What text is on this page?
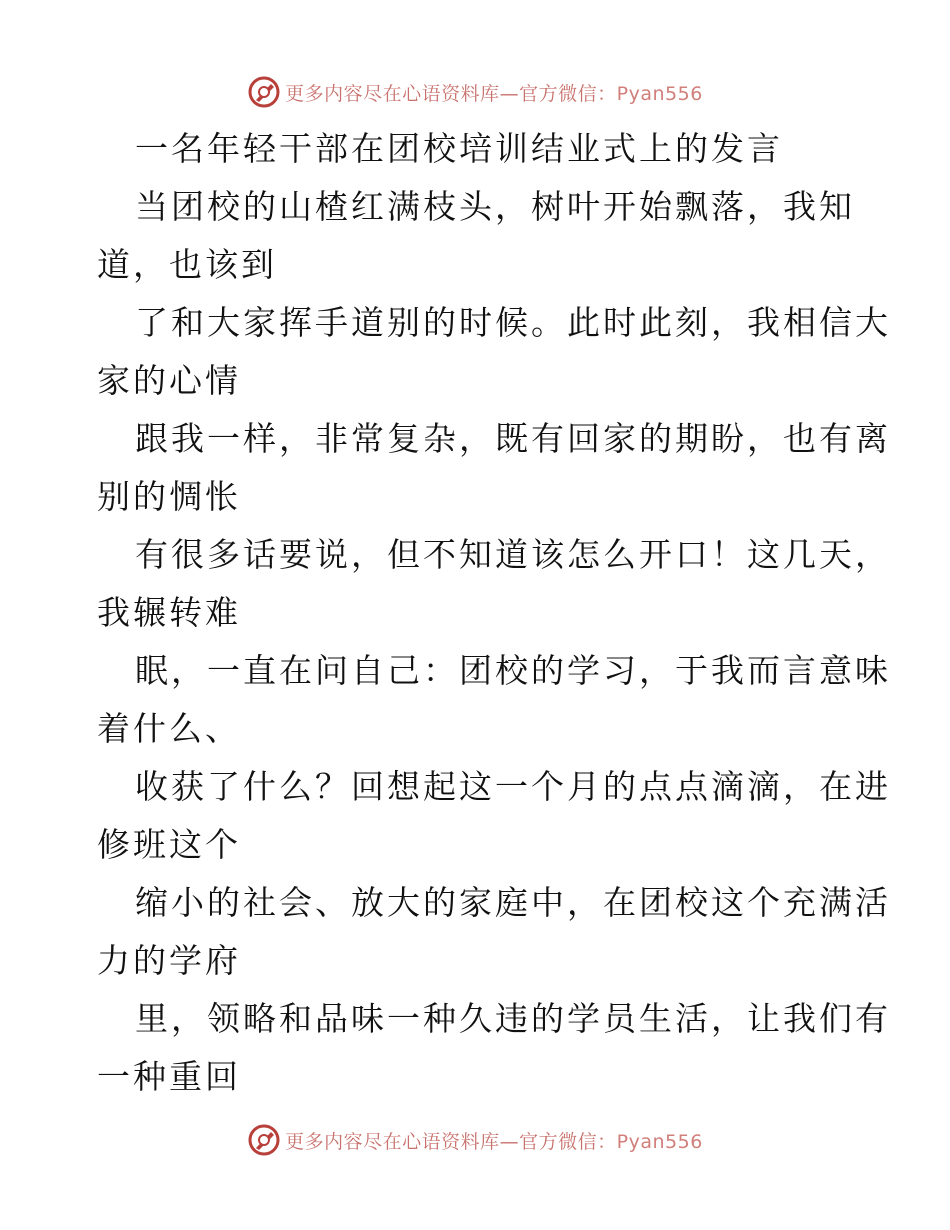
更多内容尽在心语资料库—官方微信：Pyan556

一名年轻干部在团校培训结业式上的发言

当团校的山楂红满枝头，树叶开始飘落，我知

道，也该到

了和大家挥手道别的时候。此时此刻，我相信大

家的心情

跟我一样，非常复杂，既有回家的期盼，也有离

别的惆怅

有很多话要说，但不知道该怎么开口！这几天，

我辗转难

眠，一直在问自己：团校的学习，于我而言意味

着什么、

收获了什么？回想起这一个月的点点滴滴，在进

修班这个

缩小的社会、放大的家庭中，在团校这个充满活

力的学府

里，领略和品味一种久违的学员生活，让我们有

一种重回

更多内容尽在心语资料库—官方微信：Pyan556
